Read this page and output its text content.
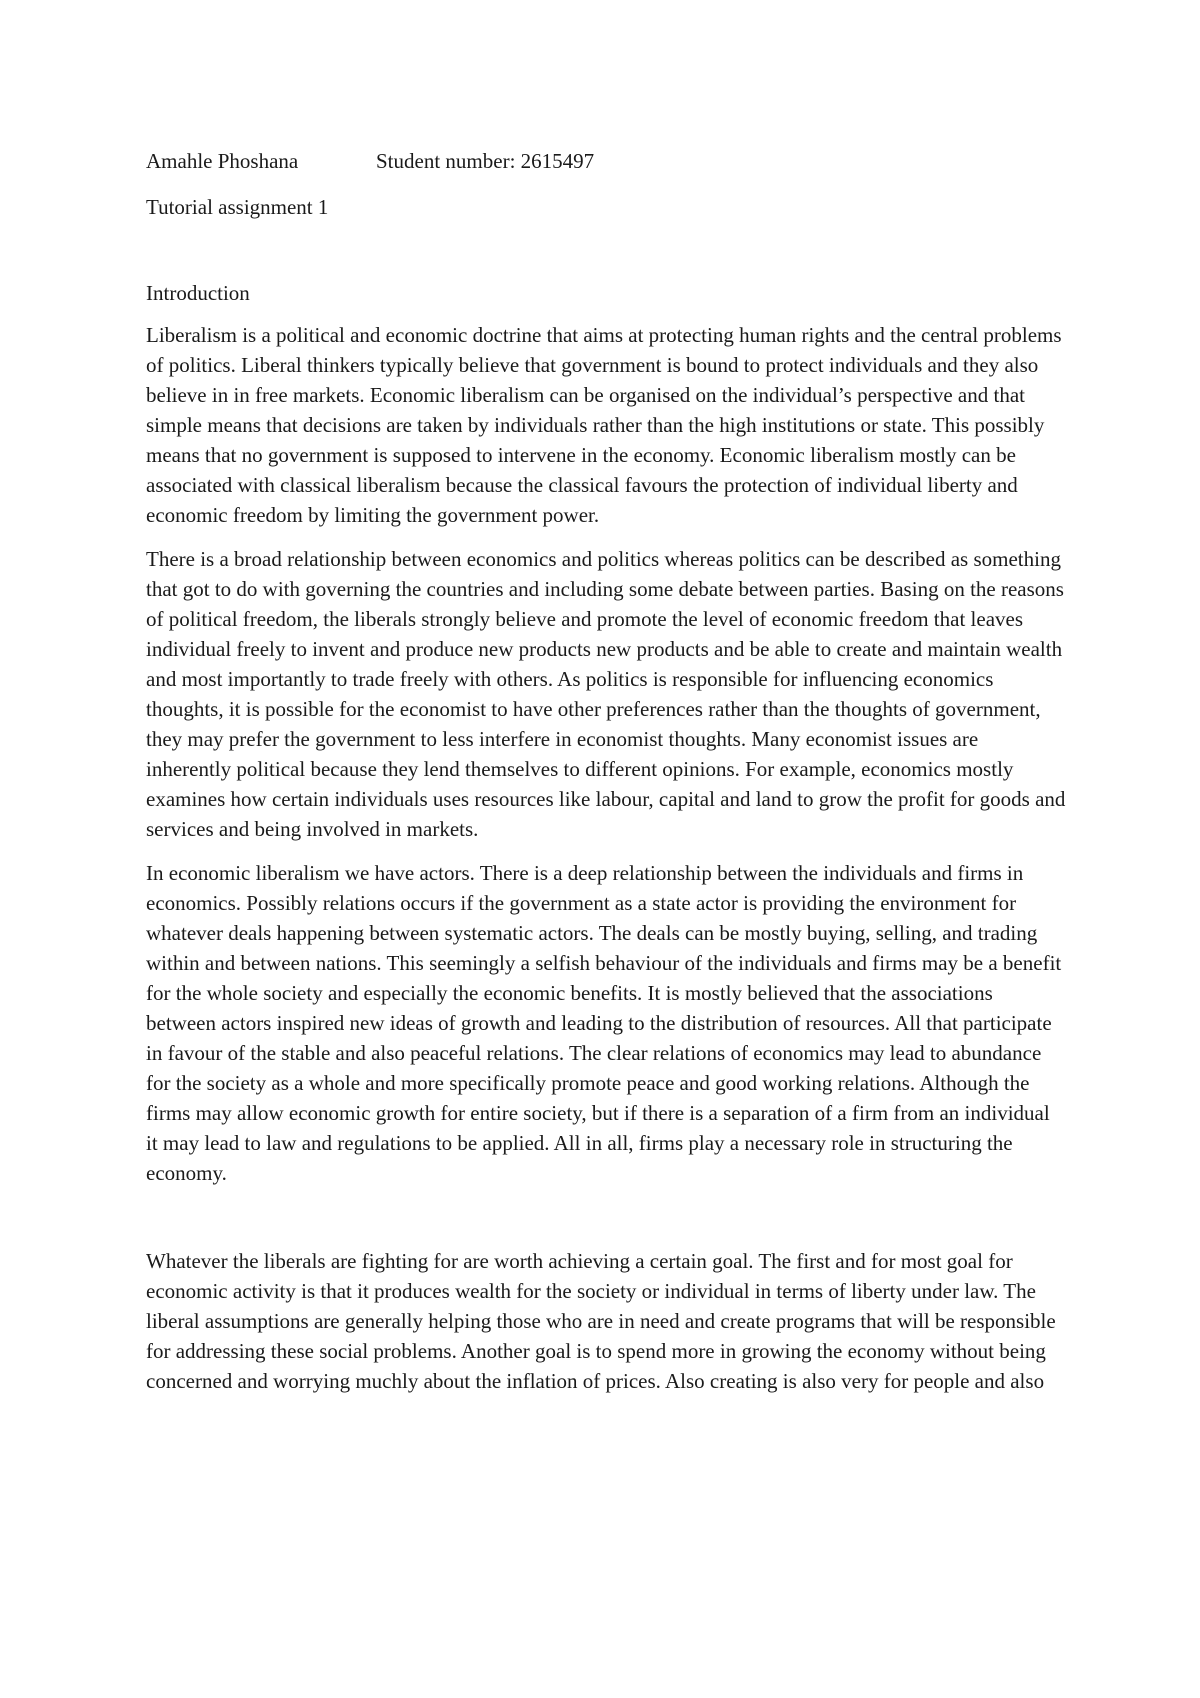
Amahle Phoshana	Student number: 2615497
Tutorial assignment 1
Introduction

Liberalism is a political and economic doctrine that aims at protecting human rights and the central problems of politics. Liberal thinkers typically believe that government is bound to protect individuals and they also believe in in free markets. Economic liberalism can be organised on the individual’s perspective and that simple means that decisions are taken by individuals rather than the high institutions or state. This possibly means that no government is supposed to intervene in the economy. Economic liberalism mostly can be associated with classical liberalism because the classical favours the protection of individual liberty and economic freedom by limiting the government power.

There is a broad relationship between economics and politics whereas politics can be described as something that got to do with governing the countries and including some debate between parties. Basing on the reasons of political freedom, the liberals strongly believe and promote the level of economic freedom that leaves individual freely to invent and produce new products new products and be able to create and maintain wealth and most importantly to trade freely with others. As politics is responsible for influencing economics thoughts, it is possible for the economist to have other preferences rather than the thoughts of government, they may prefer the government to less interfere in economist thoughts. Many economist issues are inherently political because they lend themselves to different opinions. For example, economics mostly examines how certain individuals uses resources like labour, capital and land to grow the profit for goods and services and being involved in markets.

In economic liberalism we have actors. There is a deep relationship between the individuals and firms in economics. Possibly relations occurs if the government as a state actor is providing the environment for whatever deals happening between systematic actors. The deals can be mostly buying, selling, and trading within and between nations. This seemingly a selfish behaviour of the individuals and firms may be a benefit for the whole society and especially the economic benefits. It is mostly believed that the associations between actors inspired new ideas of growth and leading to the distribution of resources. All that participate in favour of the stable and also peaceful relations. The clear relations of economics may lead to abundance for the society as a whole and more specifically promote peace and good working relations. Although the firms may allow economic growth for entire society, but if there is a separation of a firm from an individual it may lead to law and regulations to be applied. All in all, firms play a necessary role in structuring the economy.

Whatever the liberals are fighting for are worth achieving a certain goal. The first and for most goal for economic activity is that it produces wealth for the society or individual in terms of liberty under law. The liberal assumptions are generally helping those who are in need and create programs that will be responsible for addressing these social problems. Another goal is to spend more in growing the economy without being concerned and worrying muchly about the inflation of prices. Also creating is also very for people and also
